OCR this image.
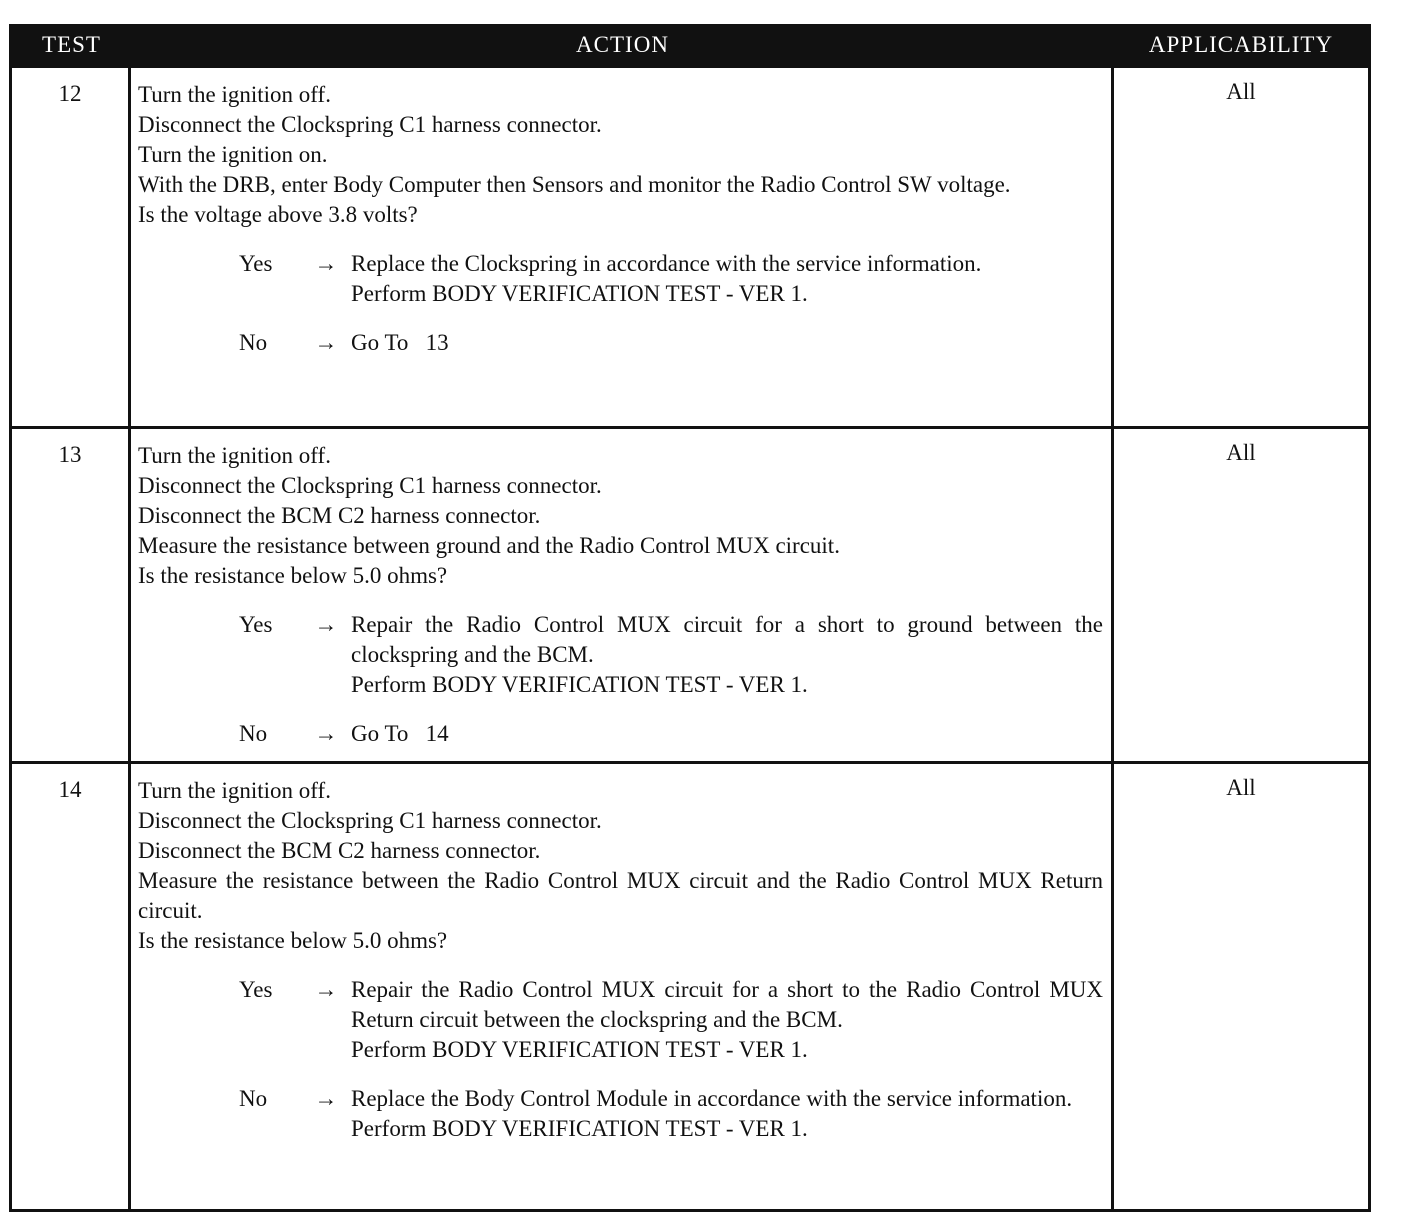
TEST	ACTION	APPLICABILITY
12	Turn the ignition off.
Disconnect the Clockspring C1 harness connector.
Turn the ignition on.
With the DRB, enter Body Computer then Sensors and monitor the Radio Control SW voltage.
Is the voltage above 3.8 volts?
Yes	→ Replace the Clockspring in accordance with the service information.
Perform BODY VERIFICATION TEST - VER 1.
No	→ Go To   13
All
13	Turn the ignition off.
Disconnect the Clockspring C1 harness connector.
Disconnect the BCM C2 harness connector.
Measure the resistance between ground and the Radio Control MUX circuit.
Is the resistance below 5.0 ohms?
Yes	→ Repair the Radio Control MUX circuit for a short to ground between the clockspring and the BCM.
Perform BODY VERIFICATION TEST - VER 1.
No	→ Go To   14
All
14	Turn the ignition off.
Disconnect the Clockspring C1 harness connector.
Disconnect the BCM C2 harness connector.
Measure the resistance between the Radio Control MUX circuit and the Radio Control MUX Return circuit.
Is the resistance below 5.0 ohms?
Yes	→ Repair the Radio Control MUX circuit for a short to the Radio Control MUX Return circuit between the clockspring and the BCM.
Perform BODY VERIFICATION TEST - VER 1.
No	→ Replace the Body Control Module in accordance with the service information.
Perform BODY VERIFICATION TEST - VER 1.
All
